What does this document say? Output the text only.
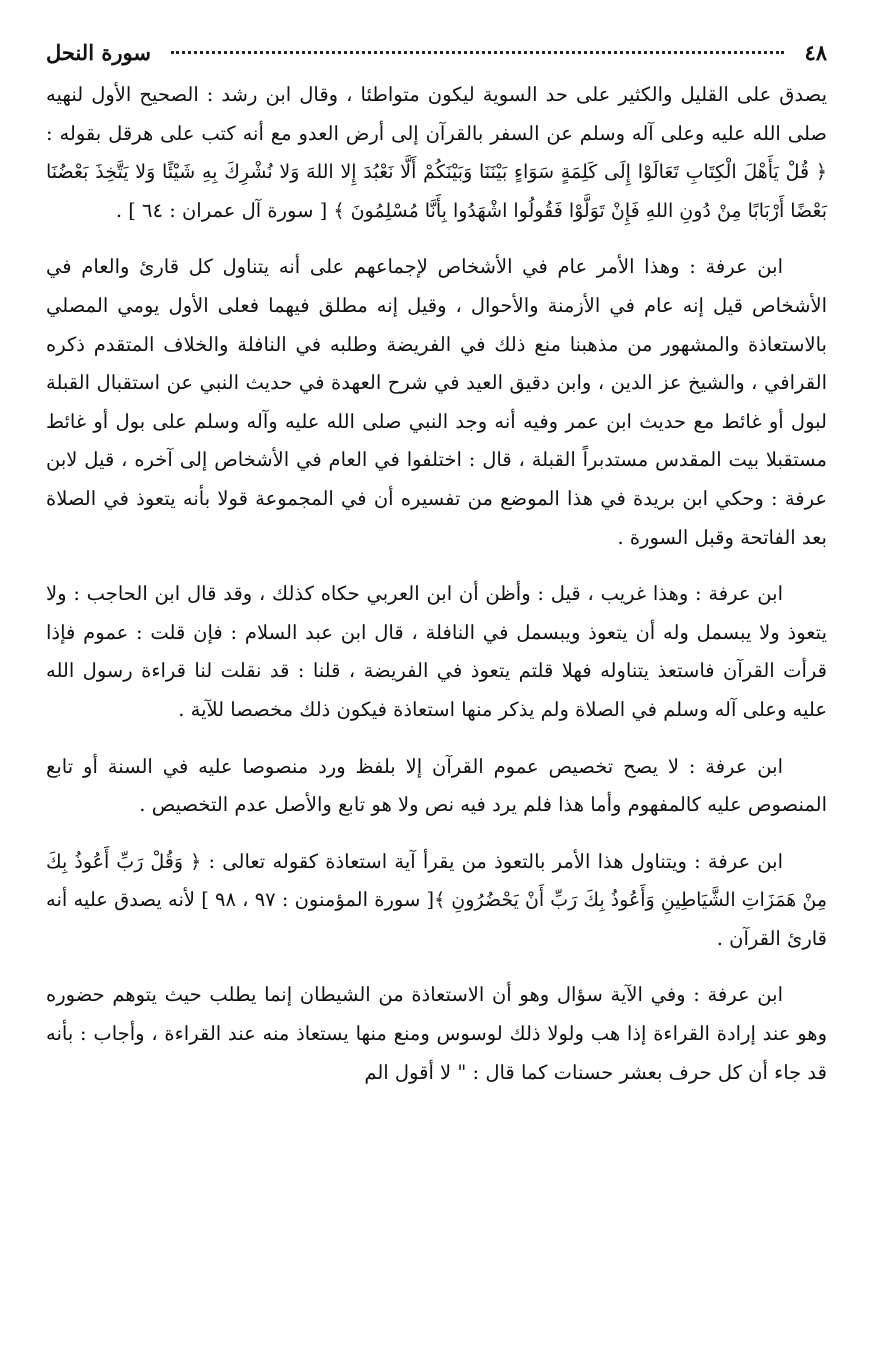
٤٨
سورة النحل

يصدق على القليل والكثير على حد السوية ليكون متواطئا ، وقال ابن رشد : الصحيح الأول لنهيه صلى الله عليه وعلى آله وسلم عن السفر بالقرآن إلى أرض العدو مع أنه كتب على هرقل بقوله : ﴿ قُلْ يَأَهْلَ الْكِتَابِ تَعَالَوْا إِلَى كَلِمَةٍ سَوَاءٍ بَيْنَنَا وَبَيْنَكُمْ أَلَّا نَعْبُدَ إِلا اللهَ وَلا نُشْرِكَ بِهِ شَيْئًا وَلا يَتَّخِذَ بَعْضُنَا بَعْضًا أَرْبَابًا مِنْ دُونِ اللهِ فَإِنْ تَوَلَّوْا فَقُولُوا اشْهَدُوا بِأَنَّا مُسْلِمُونَ ﴾ [ سورة آل عمران : ٦٤ ] .

ابن عرفة : وهذا الأمر عام في الأشخاص لإجماعهم على أنه يتناول كل قارئ والعام في الأشخاص قيل إنه عام في الأزمنة والأحوال ، وقيل إنه مطلق فيهما فعلى الأول يومي المصلي بالاستعاذة والمشهور من مذهبنا منع ذلك في الفريضة وطلبه في النافلة والخلاف المتقدم ذكره القرافي ، والشيخ عز الدين ، وابن دقيق العيد في شرح العهدة في حديث النبي عن استقبال القبلة لبول أو غائط مع حديث ابن عمر وفيه أنه وجد النبي صلى الله عليه وآله وسلم على بول أو غائط مستقبلا بيت المقدس مستدبراً القبلة ، قال : اختلفوا في العام في الأشخاص إلى آخره ، قيل لابن عرفة : وحكي ابن بريدة في هذا الموضع من تفسيره أن في المجموعة قولا بأنه يتعوذ في الصلاة بعد الفاتحة وقبل السورة .

ابن عرفة : وهذا غريب ، قيل : وأظن أن ابن العربي حكاه كذلك ، وقد قال ابن الحاجب : ولا يتعوذ ولا يبسمل وله أن يتعوذ ويبسمل في النافلة ، قال ابن عبد السلام : فإن قلت : عموم فإذا قرأت القرآن فاستعذ يتناوله فهلا قلتم يتعوذ في الفريضة ، قلنا : قد نقلت لنا قراءة رسول الله عليه وعلى آله وسلم في الصلاة ولم يذكر منها استعاذة فيكون ذلك مخصصا للآية .

ابن عرفة : لا يصح تخصيص عموم القرآن إلا بلفظ ورد منصوصا عليه في السنة أو تابع المنصوص عليه كالمفهوم وأما هذا فلم يرد فيه نص ولا هو تابع والأصل عدم التخصيص .

ابن عرفة : ويتناول هذا الأمر بالتعوذ من يقرأ آية استعاذة كقوله تعالى : ﴿ وَقُلْ رَبِّ أَعُوذُ بِكَ مِنْ هَمَزَاتِ الشَّيَاطِينِ وَأَعُوذُ بِكَ رَبِّ أَنْ يَحْضُرُونِ ﴾[ سورة المؤمنون : ٩٧ ، ٩٨ ] لأنه يصدق عليه أنه قارئ القرآن .

ابن عرفة : وفي الآية سؤال وهو أن الاستعاذة من الشيطان إنما يطلب حيث يتوهم حضوره وهو عند إرادة القراءة إذا هب ولولا ذلك لوسوس ومنع منها يستعاذ منه عند القراءة ، وأجاب : بأنه قد جاء أن كل حرف بعشر حسنات كما قال : " لا أقول الم
